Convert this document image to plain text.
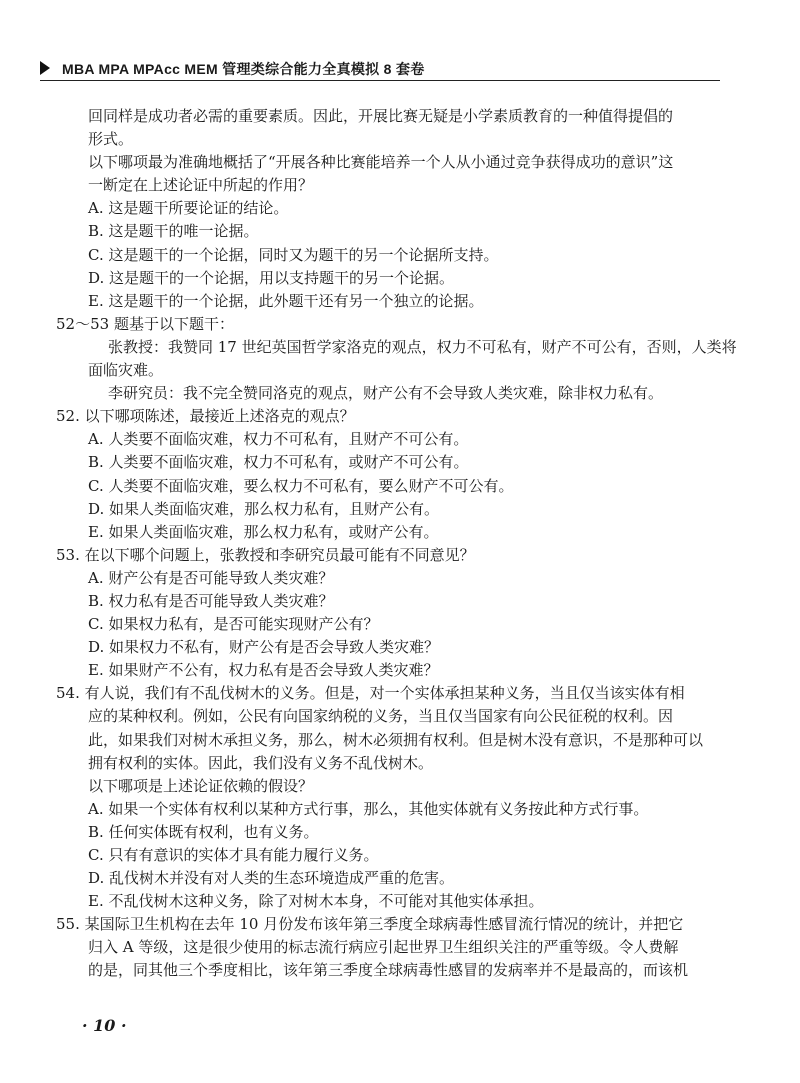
MBA MPA MPAcc MEM 管理类综合能力全真模拟 8 套卷
回同样是成功者必需的重要素质。因此，开展比赛无疑是小学素质教育的一种值得提倡的
形式。
以下哪项最为准确地概括了“开展各种比赛能培养一个人从小通过竞争获得成功的意识”这
一断定在上述论证中所起的作用？
A. 这是题干所要论证的结论。
B. 这是题干的唯一论据。
C. 这是题干的一个论据，同时又为题干的另一个论据所支持。
D. 这是题干的一个论据，用以支持题干的另一个论据。
E. 这是题干的一个论据，此外题干还有另一个独立的论据。
52～53 题基于以下题干：
张教授：我赞同 17 世纪英国哲学家洛克的观点，权力不可私有，财产不可公有，否则，人类将
面临灾难。
李研究员：我不完全赞同洛克的观点，财产公有不会导致人类灾难，除非权力私有。
52. 以下哪项陈述，最接近上述洛克的观点？
A. 人类要不面临灾难，权力不可私有，且财产不可公有。
B. 人类要不面临灾难，权力不可私有，或财产不可公有。
C. 人类要不面临灾难，要么权力不可私有，要么财产不可公有。
D. 如果人类面临灾难，那么权力私有，且财产公有。
E. 如果人类面临灾难，那么权力私有，或财产公有。
53. 在以下哪个问题上，张教授和李研究员最可能有不同意见？
A. 财产公有是否可能导致人类灾难？
B. 权力私有是否可能导致人类灾难？
C. 如果权力私有，是否可能实现财产公有？
D. 如果权力不私有，财产公有是否会导致人类灾难？
E. 如果财产不公有，权力私有是否会导致人类灾难？
54. 有人说，我们有不乱伐树木的义务。但是，对一个实体承担某种义务，当且仅当该实体有相
应的某种权利。例如，公民有向国家纳税的义务，当且仅当国家有向公民征税的权利。因
此，如果我们对树木承担义务，那么，树木必须拥有权利。但是树木没有意识，不是那种可以
拥有权利的实体。因此，我们没有义务不乱伐树木。
以下哪项是上述论证依赖的假设？
A. 如果一个实体有权利以某种方式行事，那么，其他实体就有义务按此种方式行事。
B. 任何实体既有权利，也有义务。
C. 只有有意识的实体才具有能力履行义务。
D. 乱伐树木并没有对人类的生态环境造成严重的危害。
E. 不乱伐树木这种义务，除了对树木本身，不可能对其他实体承担。
55. 某国际卫生机构在去年 10 月份发布该年第三季度全球病毒性感冒流行情况的统计，并把它
归入 A 等级，这是很少使用的标志流行病应引起世界卫生组织关注的严重等级。令人费解
的是，同其他三个季度相比，该年第三季度全球病毒性感冒的发病率并不是最高的，而该机
· 10 ·
